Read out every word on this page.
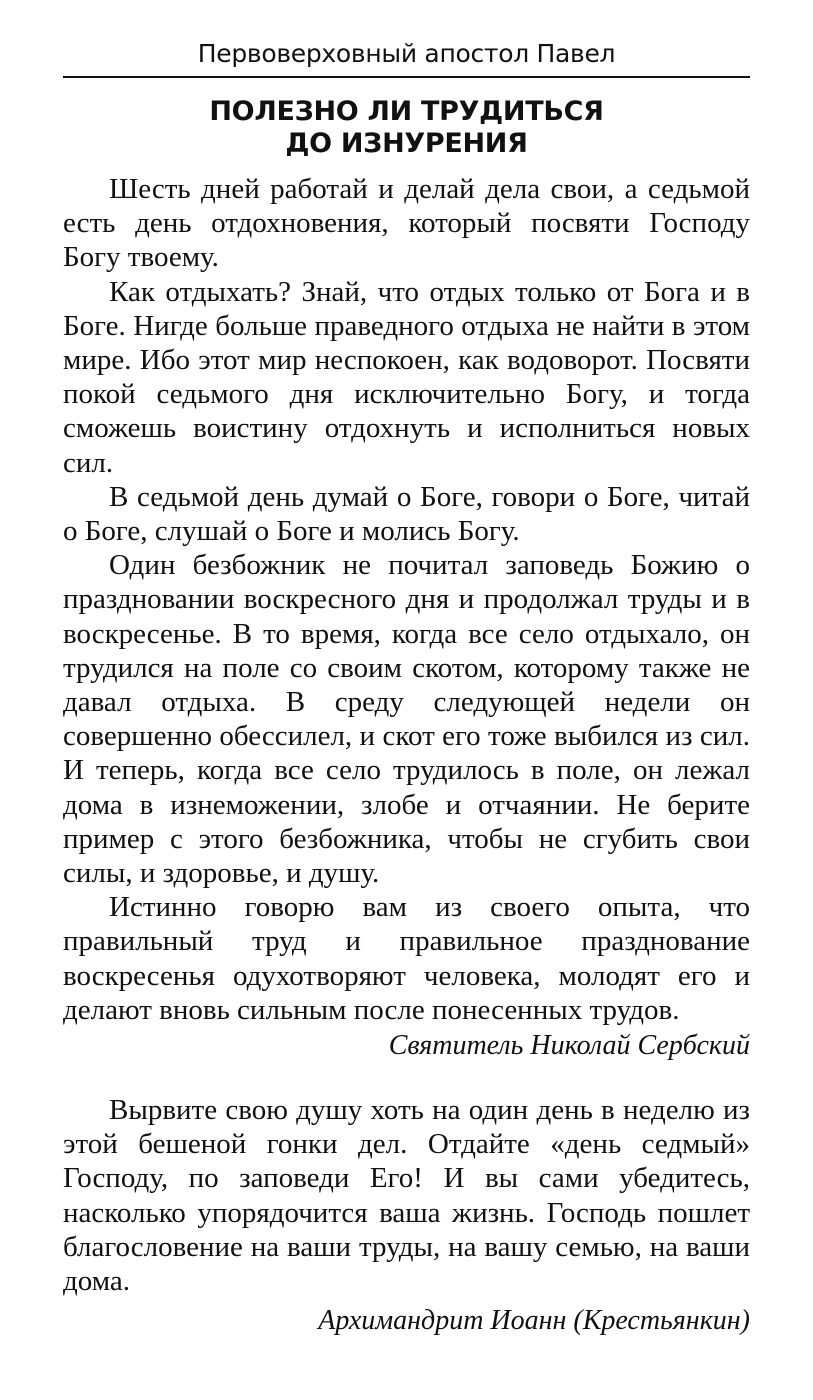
Первоверховный апостол Павел
ПОЛЕЗНО ЛИ ТРУДИТЬСЯ
ДО ИЗНУРЕНИЯ

Шесть дней работай и делай дела свои, а седьмой есть день отдохновения, который посвяти Господу Богу твоему.

Как отдыхать? Знай, что отдых только от Бога и в Боге. Нигде больше праведного отдыха не найти в этом мире. Ибо этот мир неспокоен, как водоворот. Посвяти покой седьмого дня исключительно Богу, и тогда сможешь воистину отдохнуть и исполниться новых сил.

В седьмой день думай о Боге, говори о Боге, читай о Боге, слушай о Боге и молись Богу.

Один безбожник не почитал заповедь Божию о праздновании воскресного дня и продолжал труды и в воскресенье. В то время, когда все село отдыхало, он трудился на поле со своим скотом, которому также не давал отдыха. В среду следующей недели он совершенно обессилел, и скот его тоже выбился из сил. И теперь, когда все село трудилось в поле, он лежал дома в изнеможении, злобе и отчаянии. Не берите пример с этого безбожника, чтобы не сгубить свои силы, и здоровье, и душу.

Истинно говорю вам из своего опыта, что правильный труд и правильное празднование воскресенья одухотворяют человека, молодят его и делают вновь сильным после понесенных трудов.

Святитель Николай Сербский

Вырвите свою душу хоть на один день в неделю из этой бешеной гонки дел. Отдайте «день седмый» Господу, по заповеди Его! И вы сами убедитесь, насколько упорядочится ваша жизнь. Господь пошлет благословение на ваши труды, на вашу семью, на ваши дома.

Архимандрит Иоанн (Крестьянкин)
